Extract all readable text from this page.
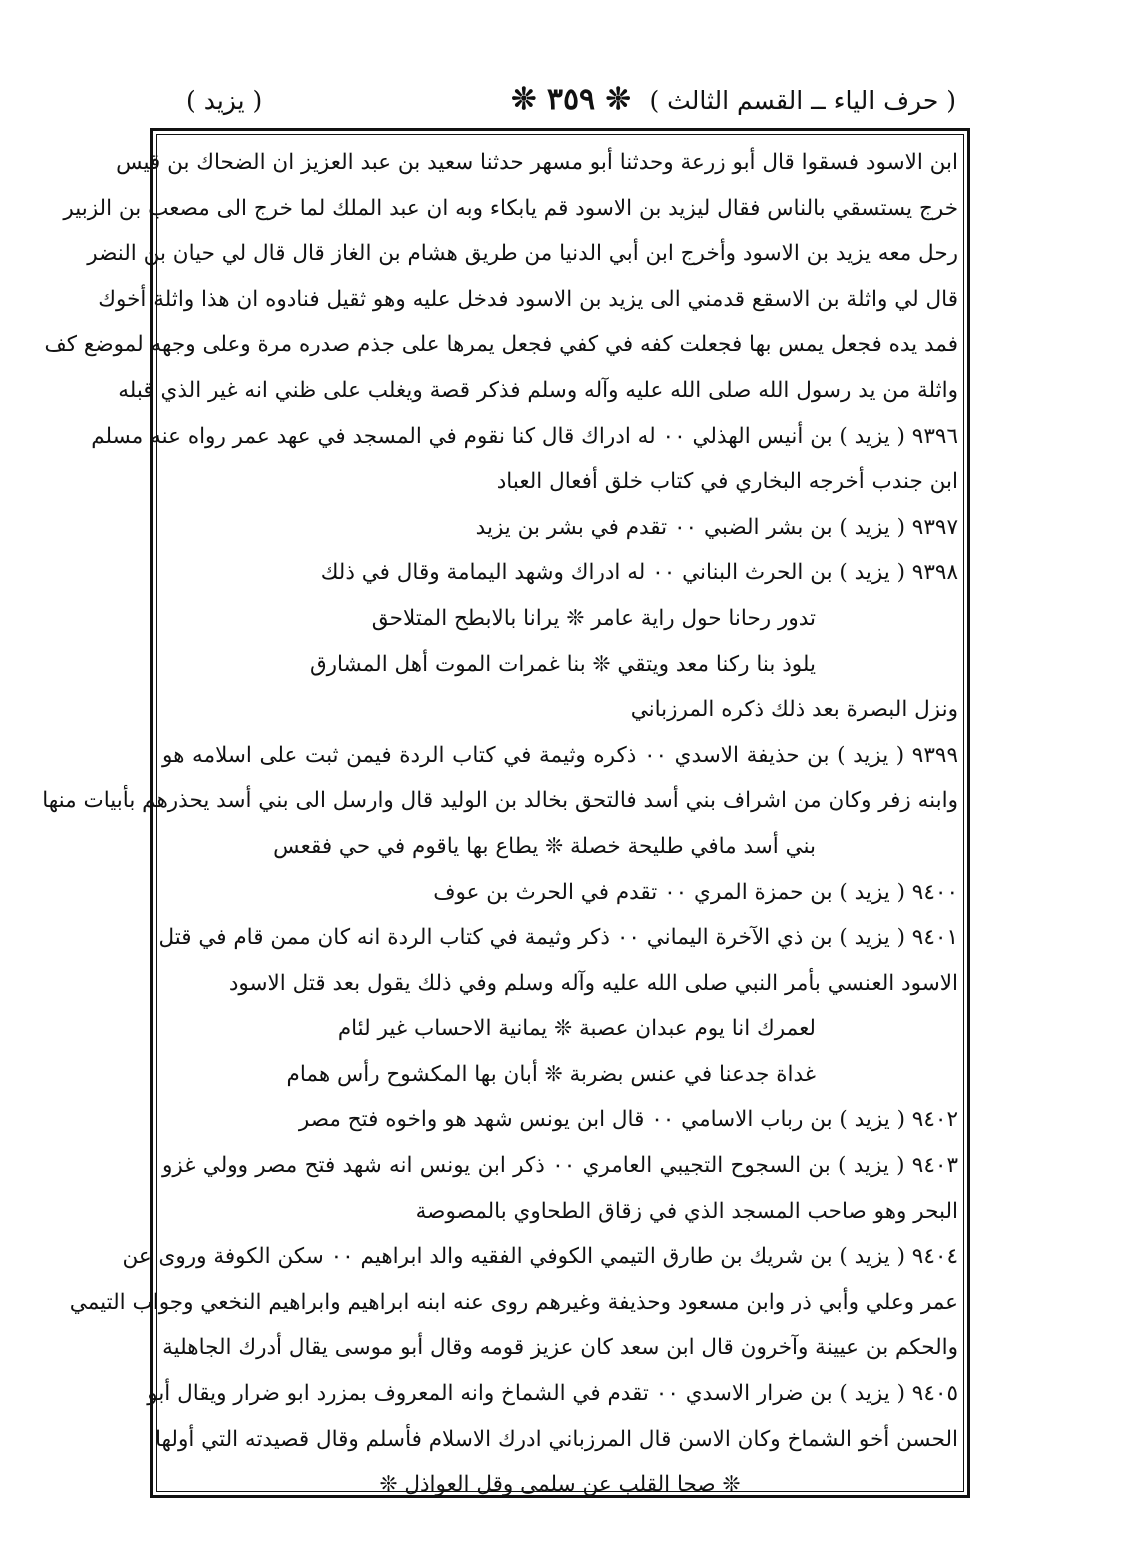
( حرف الياء ــ القسم الثالث )
❊ ٣٥٩ ❊
( يزيد )
ابن الاسود فسقوا قال أبو زرعة وحدثنا أبو مسهر حدثنا سعيد بن عبد العزيز ان الضحاك بن قيس
خرج يستسقي بالناس فقال ليزيد بن الاسود قم يابكاء وبه ان عبد الملك لما خرج الى مصعب بن الزبير
رحل معه يزيد بن الاسود وأخرج ابن أبي الدنيا من طريق هشام بن الغاز قال قال لي حيان بن النضر
قال لي واثلة بن الاسقع قدمني الى يزيد بن الاسود فدخل عليه وهو ثقيل فنادوه ان هذا واثلة أخوك
فمد يده فجعل يمس بها فجعلت كفه في كفي فجعل يمرها على جذم صدره مرة وعلى وجهه لموضع كف
واثلة من يد رسول الله صلى الله عليه وآله وسلم فذكر قصة ويغلب على ظني انه غير الذي قبله
٩٣٩٦ ( يزيد ) بن أنيس الهذلي ٠٠ له ادراك قال كنا نقوم في المسجد في عهد عمر رواه عنه مسلم
ابن جندب أخرجه البخاري في كتاب خلق أفعال العباد
٩٣٩٧ ( يزيد ) بن بشر الضبي ٠٠ تقدم في بشر بن يزيد
٩٣٩٨ ( يزيد ) بن الحرث البناني ٠٠ له ادراك وشهد اليمامة وقال في ذلك
تدور رحانا حول راية عامر ❊ يرانا بالابطح المتلاحق
يلوذ بنا ركنا معد ويتقي ❊ بنا غمرات الموت أهل المشارق
ونزل البصرة بعد ذلك ذكره المرزباني
٩٣٩٩ ( يزيد ) بن حذيفة الاسدي ٠٠ ذكره وثيمة في كتاب الردة فيمن ثبت على اسلامه هو
وابنه زفر وكان من اشراف بني أسد فالتحق بخالد بن الوليد قال وارسل الى بني أسد يحذرهم بأبيات منها
بني أسد مافي طليحة خصلة ❊ يطاع بها ياقوم في حي فقعس
٩٤٠٠ ( يزيد ) بن حمزة المري ٠٠ تقدم في الحرث بن عوف
٩٤٠١ ( يزيد ) بن ذي الآخرة اليماني ٠٠ ذكر وثيمة في كتاب الردة انه كان ممن قام في قتل
الاسود العنسي بأمر النبي صلى الله عليه وآله وسلم وفي ذلك يقول بعد قتل الاسود
لعمرك انا يوم عبدان عصبة ❊ يمانية الاحساب غير لئام
غداة جدعنا في عنس بضربة ❊ أبان بها المكشوح رأس همام
٩٤٠٢ ( يزيد ) بن رباب الاسامي ٠٠ قال ابن يونس شهد هو واخوه فتح مصر
٩٤٠٣ ( يزيد ) بن السجوح التجيبي العامري ٠٠ ذكر ابن يونس انه شهد فتح مصر وولي غزو
البحر وهو صاحب المسجد الذي في زقاق الطحاوي بالمصوصة
٩٤٠٤ ( يزيد ) بن شريك بن طارق التيمي الكوفي الفقيه والد ابراهيم ٠٠ سكن الكوفة وروى عن
عمر وعلي وأبي ذر وابن مسعود وحذيفة وغيرهم روى عنه ابنه ابراهيم وابراهيم النخعي وجواب التيمي
والحكم بن عيينة وآخرون قال ابن سعد كان عزيز قومه وقال أبو موسى يقال أدرك الجاهلية
٩٤٠٥ ( يزيد ) بن ضرار الاسدي ٠٠ تقدم في الشماخ وانه المعروف بمزرد ابو ضرار ويقال أبو
الحسن أخو الشماخ وكان الاسن قال المرزباني ادرك الاسلام فأسلم وقال قصيدته التي أولها
❊ صحا القلب عن سلمى وقل العواذل ❊
